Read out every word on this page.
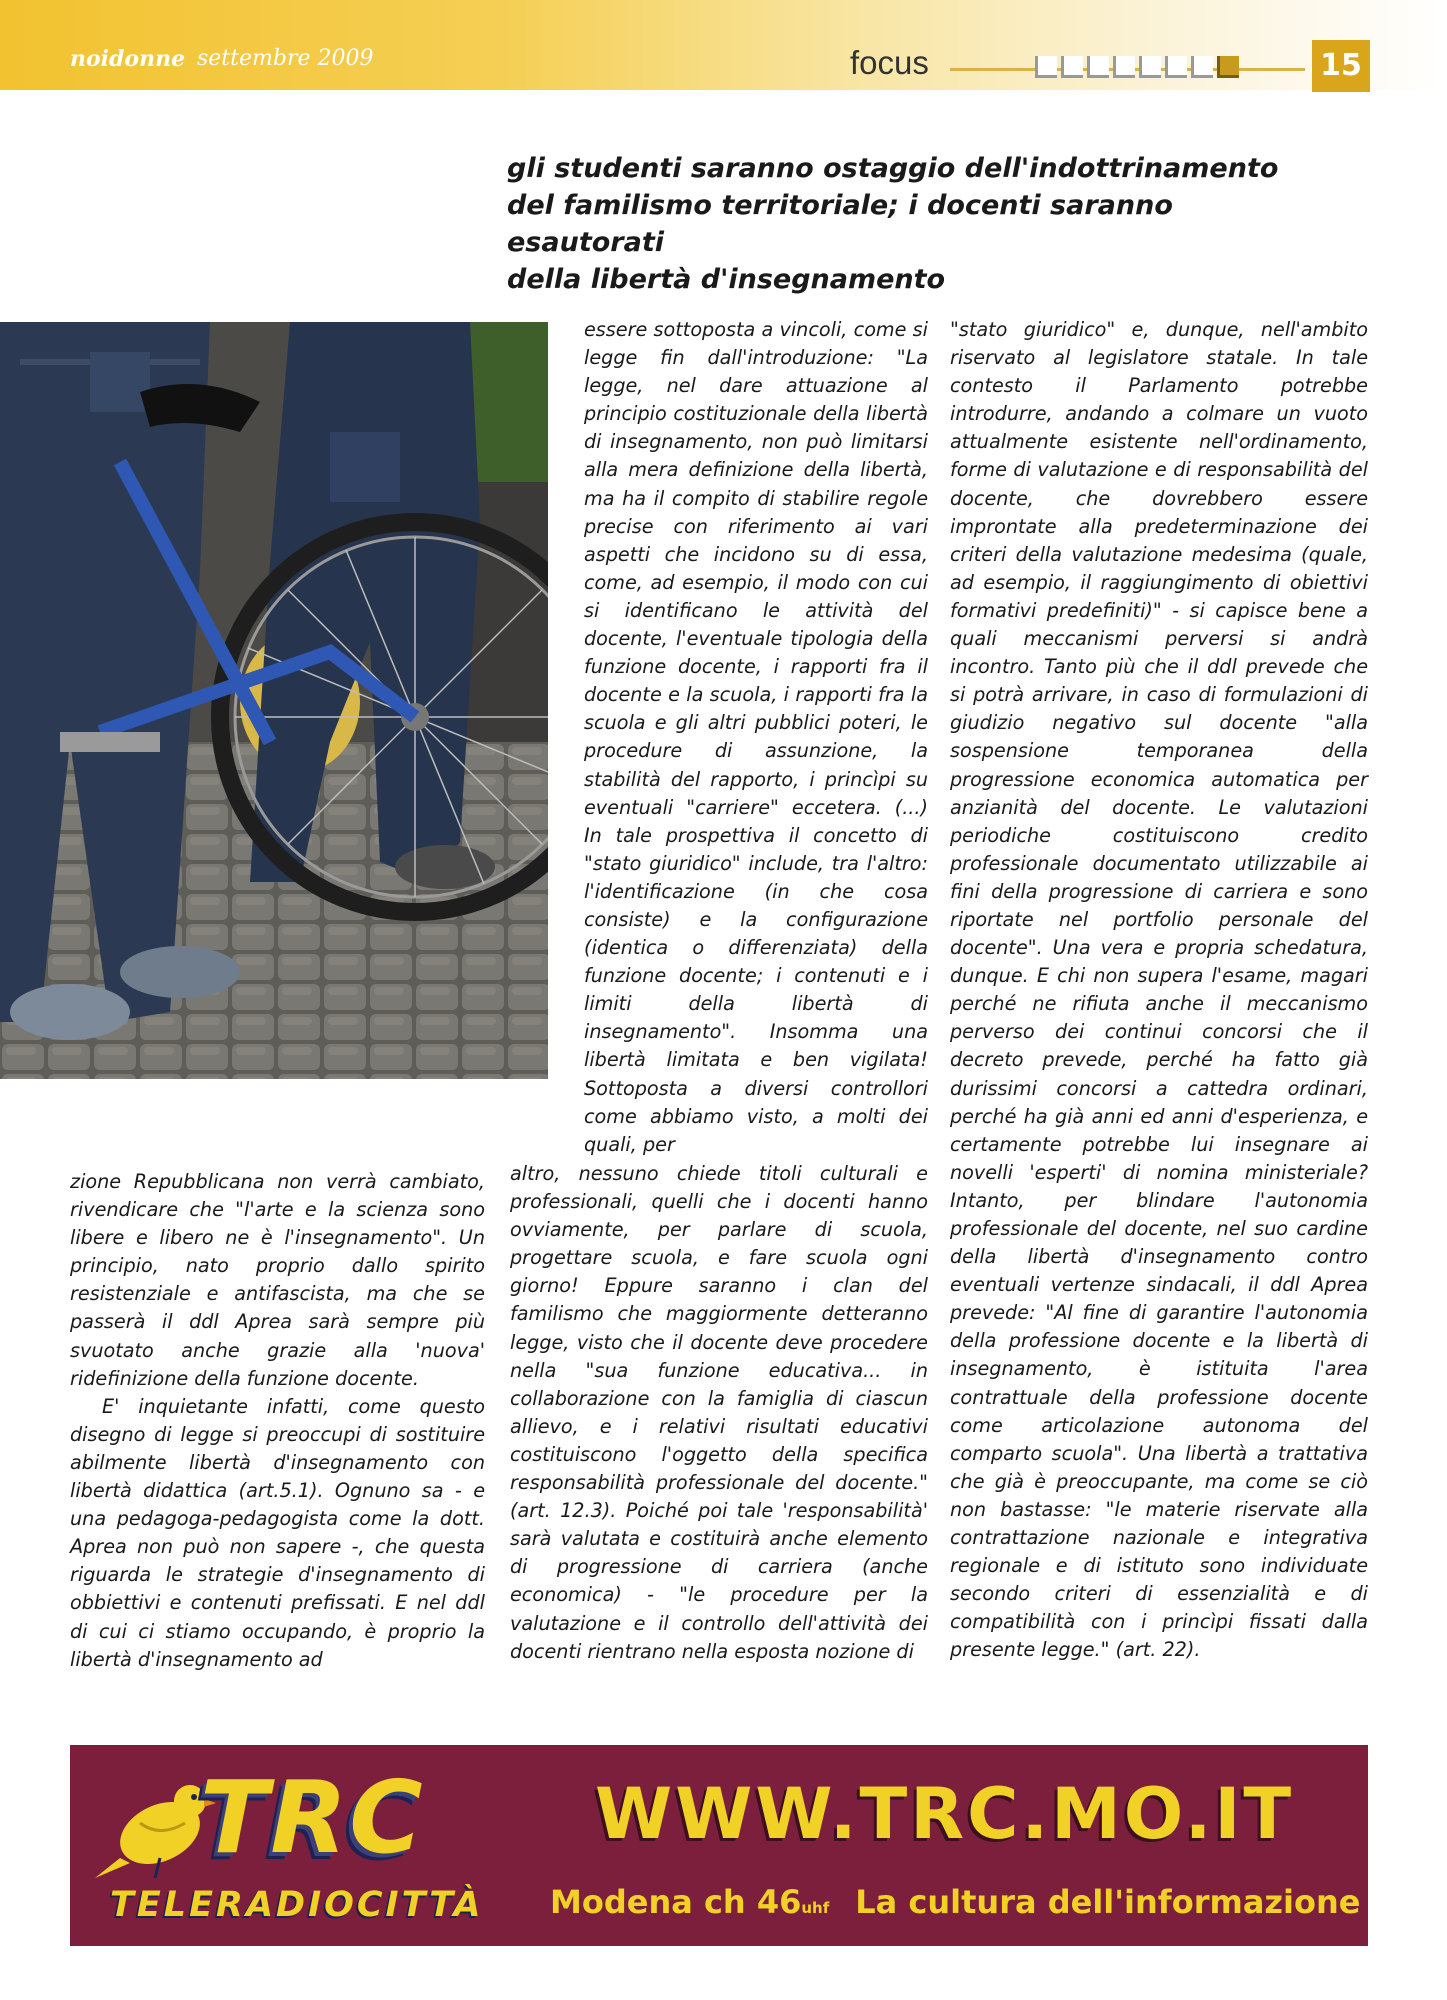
noidonne settembre 2009	focus	15
gli studenti saranno ostaggio dell'indottrinamento
del familismo territoriale; i docenti saranno esautorati
della libertà d'insegnamento

zione Repubblicana non verrà cambiato, rivendicare che "l'arte e la scienza sono libere e libero ne è l'insegnamento". Un principio, nato proprio dallo spirito resistenziale e antifascista, ma che se passerà il ddl Aprea sarà sempre più svuotato anche grazie alla 'nuova' ridefinizione della funzione docente.

E' inquietante infatti, come questo disegno di legge si preoccupi di sostituire abilmente libertà d'insegnamento con libertà didattica (art.5.1). Ognuno sa - e una pedagoga-pedagogista come la dott. Aprea non può non sapere -, che questa riguarda le strategie d'insegnamento di obbiettivi e contenuti prefissati. E nel ddl di cui ci stiamo occupando, è proprio la libertà d'insegnamento ad

essere sottoposta a vincoli, come si legge fin dall'introduzione: "La legge, nel dare attuazione al principio costituzionale della libertà di insegnamento, non può limitarsi alla mera definizione della libertà, ma ha il compito di stabilire regole precise con riferimento ai vari aspetti che incidono su di essa, come, ad esempio, il modo con cui si identificano le attività del docente, l'eventuale tipologia della funzione docente, i rapporti fra il docente e la scuola, i rapporti fra la scuola e gli altri pubblici poteri, le procedure di assunzione, la stabilità del rapporto, i princìpi su eventuali "carriere" eccetera. (...) In tale prospettiva il concetto di "stato giuridico" include, tra l'altro: l'identificazione (in che cosa consiste) e la configurazione (identica o differenziata) della funzione docente; i contenuti e i limiti della libertà di insegnamento". Insomma una libertà limitata e ben vigilata! Sottoposta a diversi controllori come abbiamo visto, a molti dei quali, per

altro, nessuno chiede titoli culturali e professionali, quelli che i docenti hanno ovviamente, per parlare di scuola, progettare scuola, e fare scuola ogni giorno! Eppure saranno i clan del familismo che maggiormente detteranno legge, visto che il docente deve procedere nella "sua funzione educativa... in collaborazione con la famiglia di ciascun allievo, e i relativi risultati educativi costituiscono l'oggetto della specifica responsabilità professionale del docente." (art. 12.3). Poiché poi tale 'responsabilità' sarà valutata e costituirà anche elemento di progressione di carriera (anche economica) - "le procedure per la valutazione e il controllo dell'attività dei docenti rientrano nella esposta nozione di

"stato giuridico" e, dunque, nell'ambito riservato al legislatore statale. In tale contesto il Parlamento potrebbe introdurre, andando a colmare un vuoto attualmente esistente nell'ordinamento, forme di valutazione e di responsabilità del docente, che dovrebbero essere improntate alla predeterminazione dei criteri della valutazione medesima (quale, ad esempio, il raggiungimento di obiettivi formativi predefiniti)" - si capisce bene a quali meccanismi perversi si andrà incontro. Tanto più che il ddl prevede che si potrà arrivare, in caso di formulazioni di giudizio negativo sul docente "alla sospensione temporanea della progressione economica automatica per anzianità del docente. Le valutazioni periodiche costituiscono credito professionale documentato utilizzabile ai fini della progressione di carriera e sono riportate nel portfolio personale del docente". Una vera e propria schedatura, dunque. E chi non supera l'esame, magari perché ne rifiuta anche il meccanismo perverso dei continui concorsi che il decreto prevede, perché ha fatto già durissimi concorsi a cattedra ordinari, perché ha già anni ed anni d'esperienza, e certamente potrebbe lui insegnare ai novelli 'esperti' di nomina ministeriale? Intanto, per blindare l'autonomia professionale del docente, nel suo cardine della libertà d'insegnamento contro eventuali vertenze sindacali, il ddl Aprea prevede: "Al fine di garantire l'autonomia della professione docente e la libertà di insegnamento, è istituita l'area contrattuale della professione docente come articolazione autonoma del comparto scuola". Una libertà a trattativa che già è preoccupante, ma come se ciò non bastasse: "le materie riservate alla contrattazione nazionale e integrativa regionale e di istituto sono individuate secondo criteri di essenzialità e di compatibilità con i princìpi fissati dalla presente legge." (art. 22).

TRC
TELERADIOCITTÀ
WWW.TRC.MO.IT
Modena ch 46uhf La cultura dell'informazione
